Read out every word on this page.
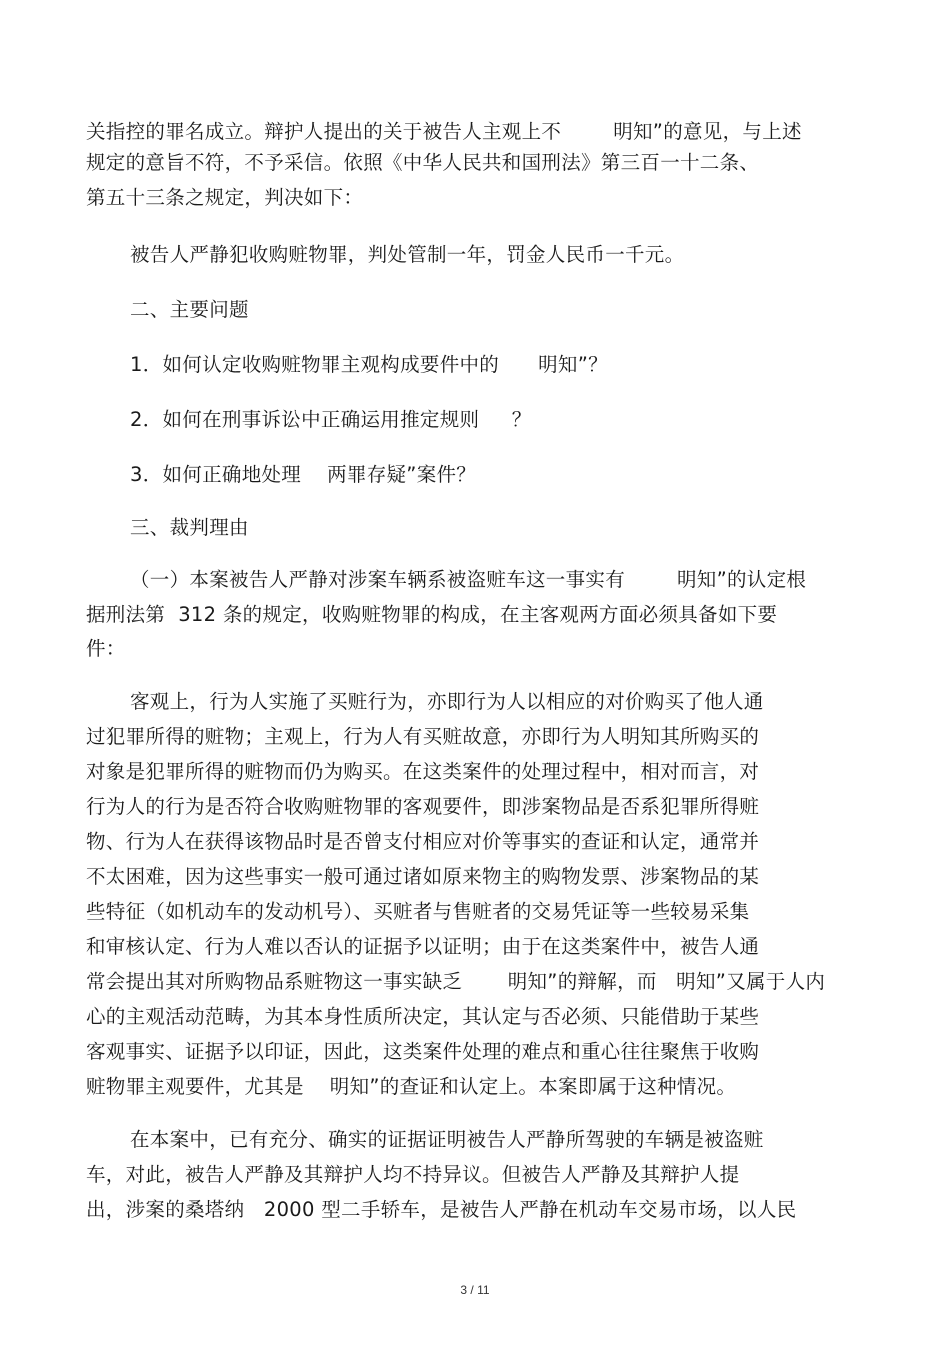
关指控的罪名成立。辩护人提出的关于被告人主观上不        明知”的意见，与上述
规定的意旨不符，不予采信。依照《中华人民共和国刑法》第三百一十二条、
第五十三条之规定，判决如下：
被告人严静犯收购赃物罪，判处管制一年，罚金人民币一千元。
二、主要问题
1．如何认定收购赃物罪主观构成要件中的      明知”？
2．如何在刑事诉讼中正确运用推定规则     ？
3．如何正确地处理    两罪存疑”案件？
三、裁判理由
（一）本案被告人严静对涉案车辆系被盗赃车这一事实有        明知”的认定根
据刑法第  312 条的规定，收购赃物罪的构成，在主客观两方面必须具备如下要
件：
客观上，行为人实施了买赃行为，亦即行为人以相应的对价购买了他人通
过犯罪所得的赃物；主观上，行为人有买赃故意，亦即行为人明知其所购买的
对象是犯罪所得的赃物而仍为购买。在这类案件的处理过程中，相对而言，对
行为人的行为是否符合收购赃物罪的客观要件，即涉案物品是否系犯罪所得赃
物、行为人在获得该物品时是否曾支付相应对价等事实的查证和认定，通常并
不太困难，因为这些事实一般可通过诸如原来物主的购物发票、涉案物品的某
些特征（如机动车的发动机号）、买赃者与售赃者的交易凭证等一些较易采集
和审核认定、行为人难以否认的证据予以证明；由于在这类案件中，被告人通
常会提出其对所购物品系赃物这一事实缺乏       明知”的辩解，而   明知”又属于人内
心的主观活动范畴，为其本身性质所决定，其认定与否必须、只能借助于某些
客观事实、证据予以印证，因此，这类案件处理的难点和重心往往聚焦于收购
赃物罪主观要件，尤其是    明知”的查证和认定上。本案即属于这种情况。
在本案中，已有充分、确实的证据证明被告人严静所驾驶的车辆是被盗赃
车，对此，被告人严静及其辩护人均不持异议。但被告人严静及其辩护人提
出，涉案的桑塔纳   2000 型二手轿车，是被告人严静在机动车交易市场，以人民
3 / 11
